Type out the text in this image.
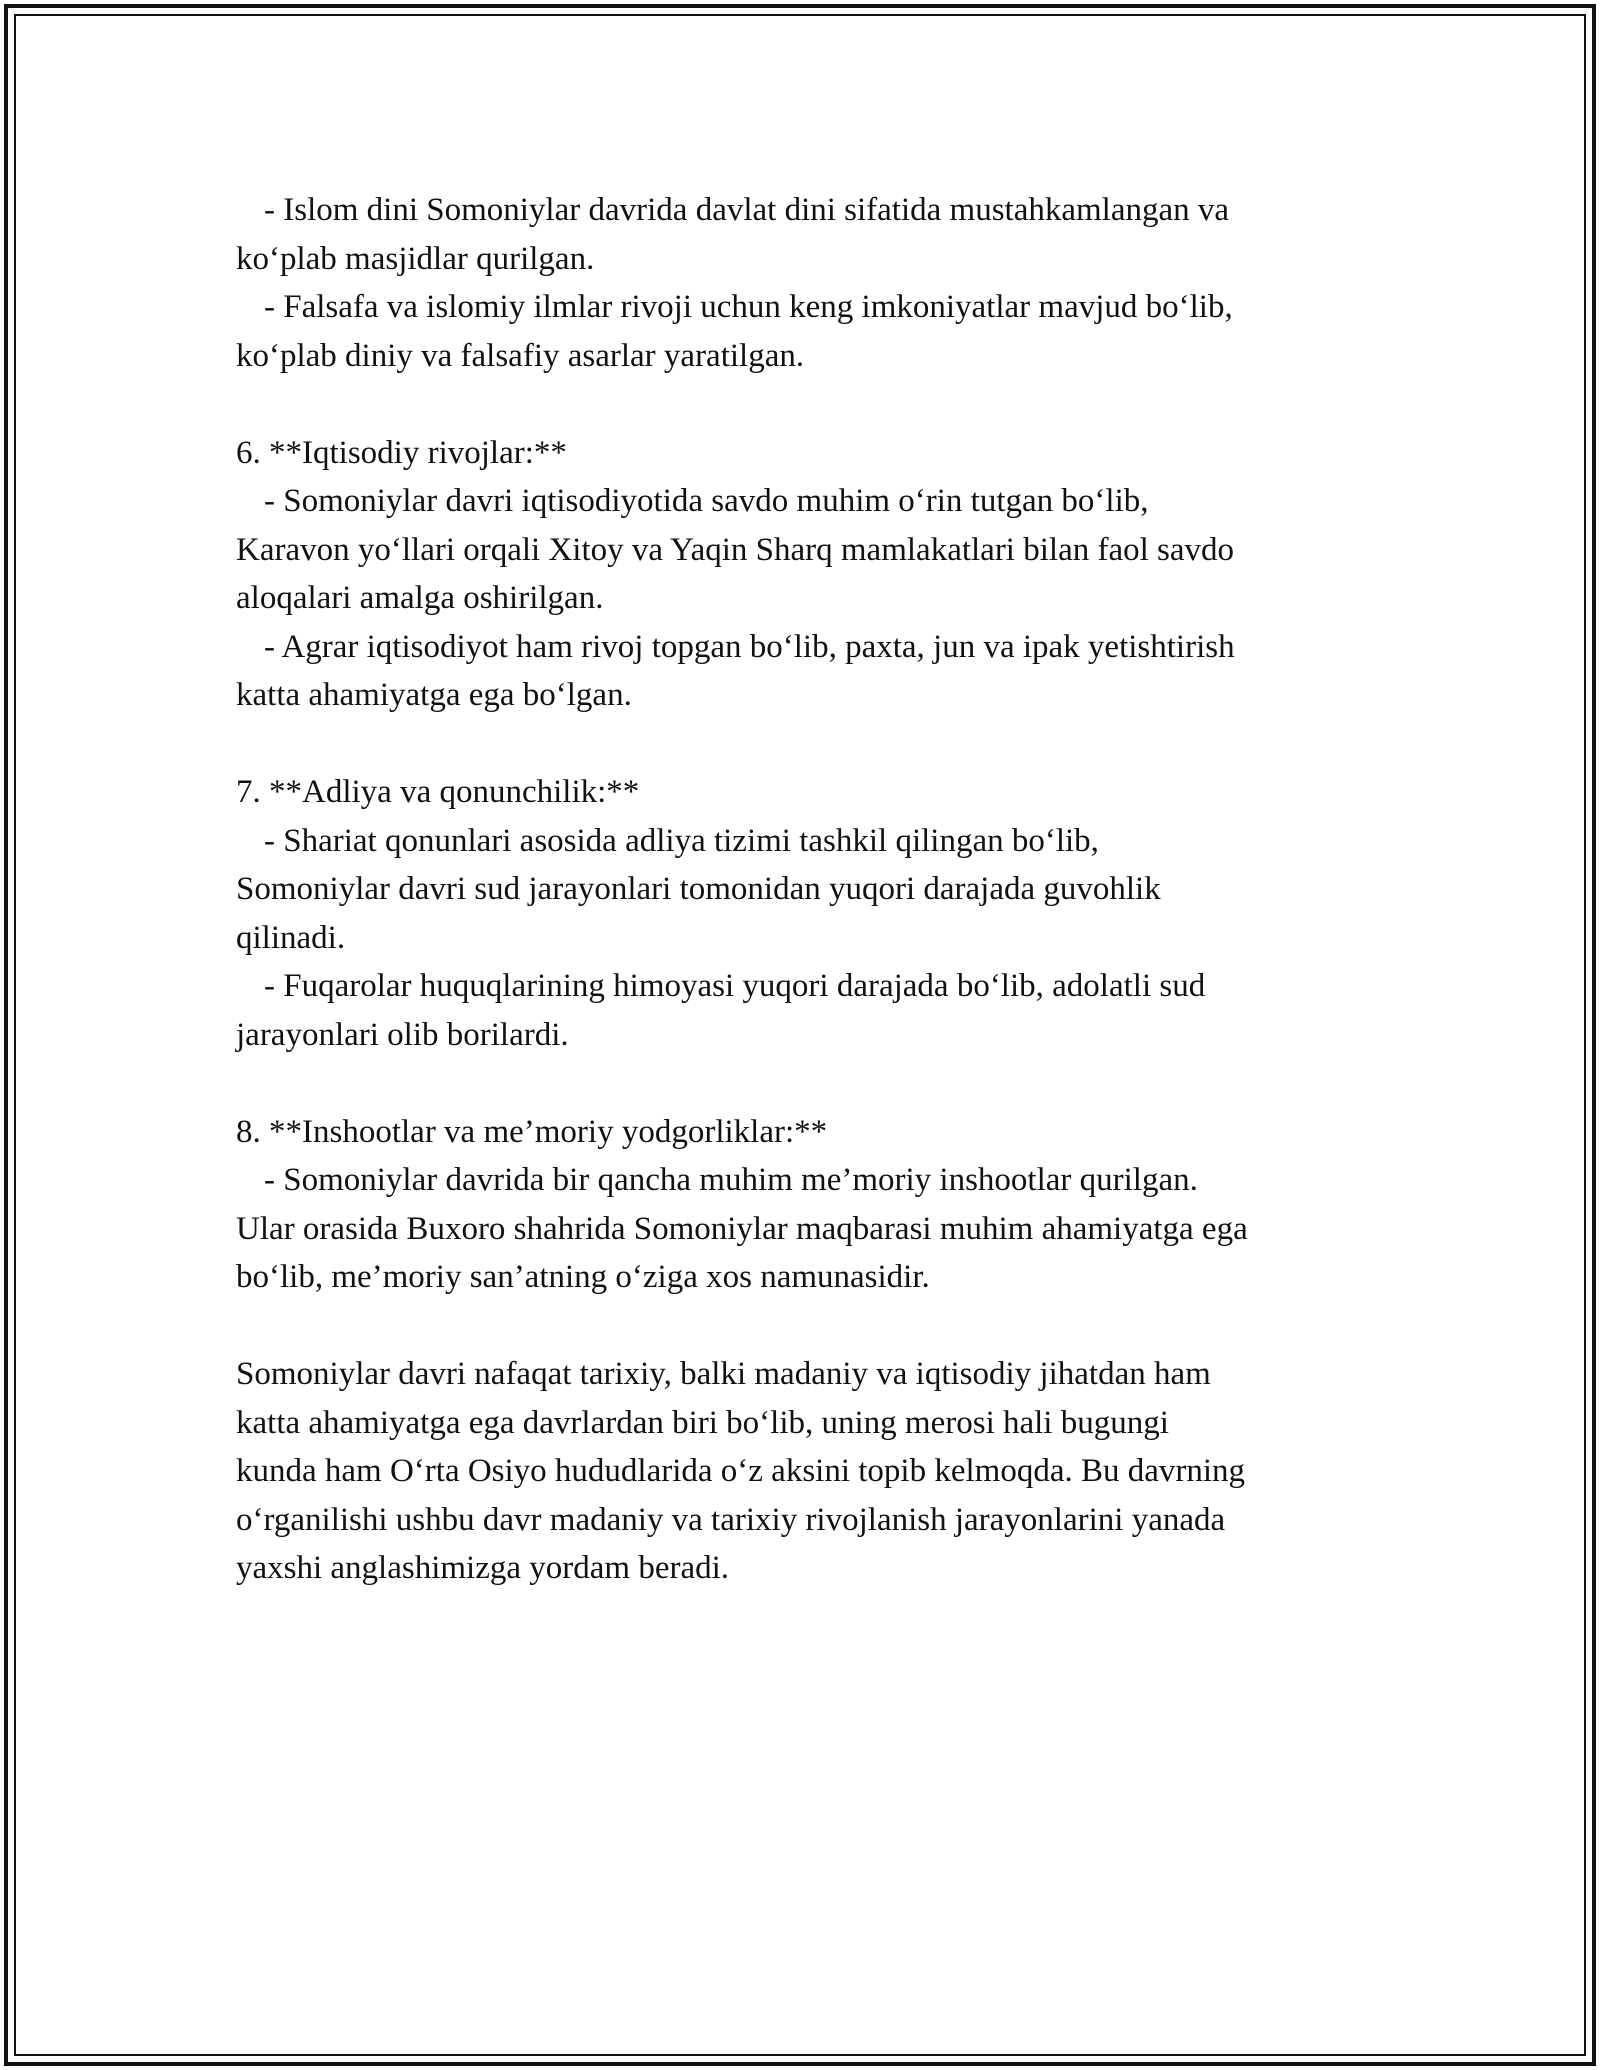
- Islom dini Somoniylar davrida davlat dini sifatida mustahkamlangan va
ko‘plab masjidlar qurilgan.

- Falsafa va islomiy ilmlar rivoji uchun keng imkoniyatlar mavjud bo‘lib,
ko‘plab diniy va falsafiy asarlar yaratilgan.

6. **Iqtisodiy rivojlar:**

- Somoniylar davri iqtisodiyotida savdo muhim o‘rin tutgan bo‘lib,
Karavon yo‘llari orqali Xitoy va Yaqin Sharq mamlakatlari bilan faol savdo
aloqalari amalga oshirilgan.

- Agrar iqtisodiyot ham rivoj topgan bo‘lib, paxta, jun va ipak yetishtirish
katta ahamiyatga ega bo‘lgan.

7. **Adliya va qonunchilik:**

- Shariat qonunlari asosida adliya tizimi tashkil qilingan bo‘lib,
Somoniylar davri sud jarayonlari tomonidan yuqori darajada guvohlik
qilinadi.

- Fuqarolar huquqlarining himoyasi yuqori darajada bo‘lib, adolatli sud
jarayonlari olib borilardi.

8. **Inshootlar va me’moriy yodgorliklar:**

- Somoniylar davrida bir qancha muhim me’moriy inshootlar qurilgan.
Ular orasida Buxoro shahrida Somoniylar maqbarasi muhim ahamiyatga ega
bo‘lib, me’moriy san’atning o‘ziga xos namunasidir.

Somoniylar davri nafaqat tarixiy, balki madaniy va iqtisodiy jihatdan ham
katta ahamiyatga ega davrlardan biri bo‘lib, uning merosi hali bugungi
kunda ham O‘rta Osiyo hududlarida o‘z aksini topib kelmoqda. Bu davrning
o‘rganilishi ushbu davr madaniy va tarixiy rivojlanish jarayonlarini yanada
yaxshi anglashimizga yordam beradi.
